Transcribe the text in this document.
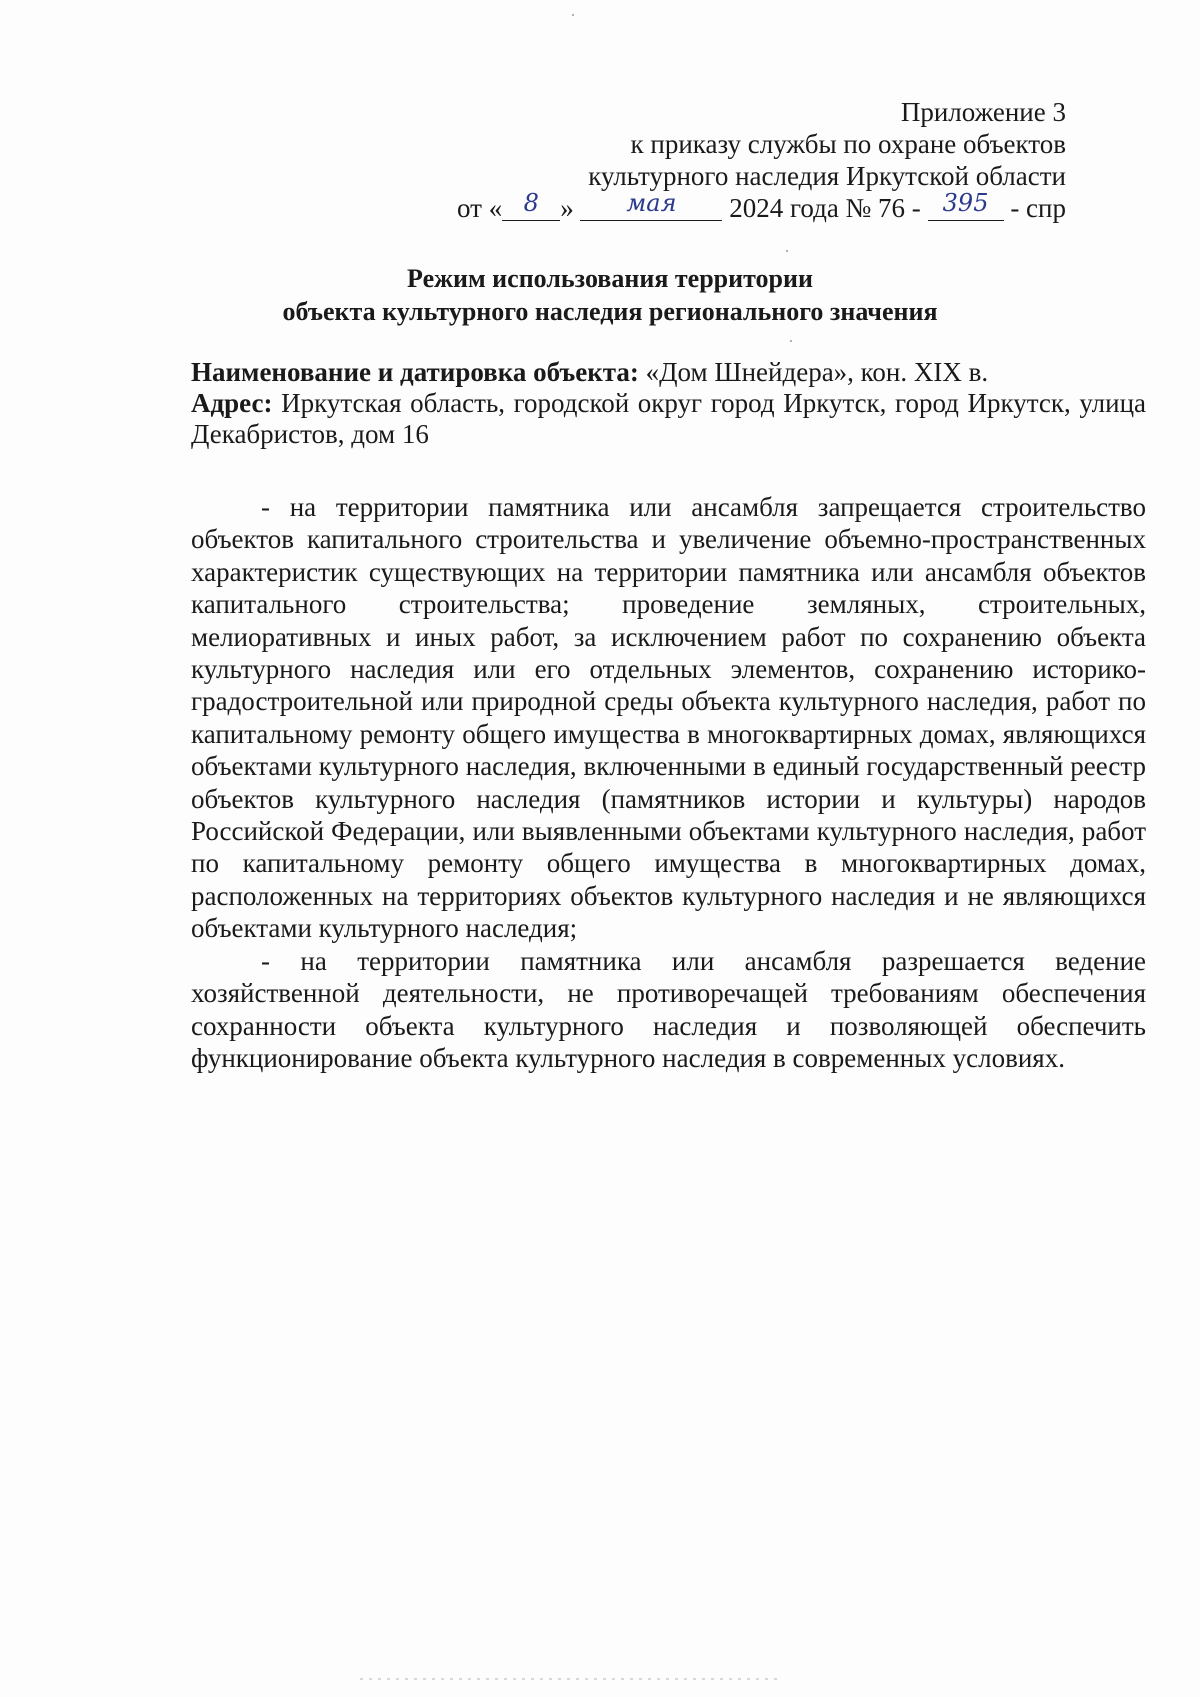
Приложение 3
к приказу службы по охране объектов
культурного наследия Иркутской области
от « 8 » мая 2024 года № 76 - 395 - спр
Режим использования территории
объекта культурного наследия регионального значения

Наименование и датировка объекта: «Дом Шнейдера», кон. XIX в.

Адрес: Иркутская область, городской округ город Иркутск, город Иркутск, улица Декабристов, дом 16

- на территории памятника или ансамбля запрещается строительство объектов капитального строительства и увеличение объемно-пространственных характеристик существующих на территории памятника или ансамбля объектов капитального строительства; проведение земляных, строительных, мелиоративных и иных работ, за исключением работ по сохранению объекта культурного наследия или его отдельных элементов, сохранению историко-градостроительной или природной среды объекта культурного наследия, работ по капитальному ремонту общего имущества в многоквартирных домах, являющихся объектами культурного наследия, включенными в единый государственный реестр объектов культурного наследия (памятников истории и культуры) народов Российской Федерации, или выявленными объектами культурного наследия, работ по капитальному ремонту общего имущества в многоквартирных домах, расположенных на территориях объектов культурного наследия и не являющихся объектами культурного наследия;

- на территории памятника или ансамбля разрешается ведение хозяйственной деятельности, не противоречащей требованиям обеспечения сохранности объекта культурного наследия и позволяющей обеспечить функционирование объекта культурного наследия в современных условиях.
